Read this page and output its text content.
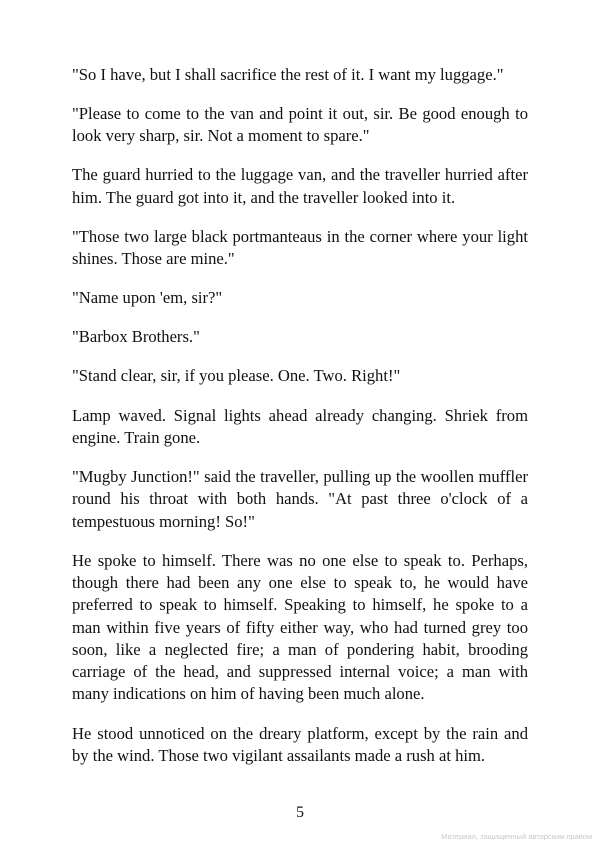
"So I have, but I shall sacrifice the rest of it. I want my luggage."

"Please to come to the van and point it out, sir. Be good enough to look very sharp, sir. Not a moment to spare."

The guard hurried to the luggage van, and the traveller hurried after him. The guard got into it, and the traveller looked into it.

"Those two large black portmanteaus in the corner where your light shines. Those are mine."

"Name upon 'em, sir?"

"Barbox Brothers."

"Stand clear, sir, if you please. One. Two. Right!"

Lamp waved. Signal lights ahead already changing. Shriek from engine. Train gone.

"Mugby Junction!" said the traveller, pulling up the woollen muffler round his throat with both hands. "At past three o'clock of a tempestuous morning! So!"

He spoke to himself. There was no one else to speak to. Perhaps, though there had been any one else to speak to, he would have preferred to speak to himself. Speaking to himself, he spoke to a man within five years of fifty either way, who had turned grey too soon, like a neglected fire; a man of pondering habit, brooding carriage of the head, and suppressed internal voice; a man with many indications on him of having been much alone.

He stood unnoticed on the dreary platform, except by the rain and by the wind. Those two vigilant assailants made a rush at him.

5
Материал, защищенный авторским правом
